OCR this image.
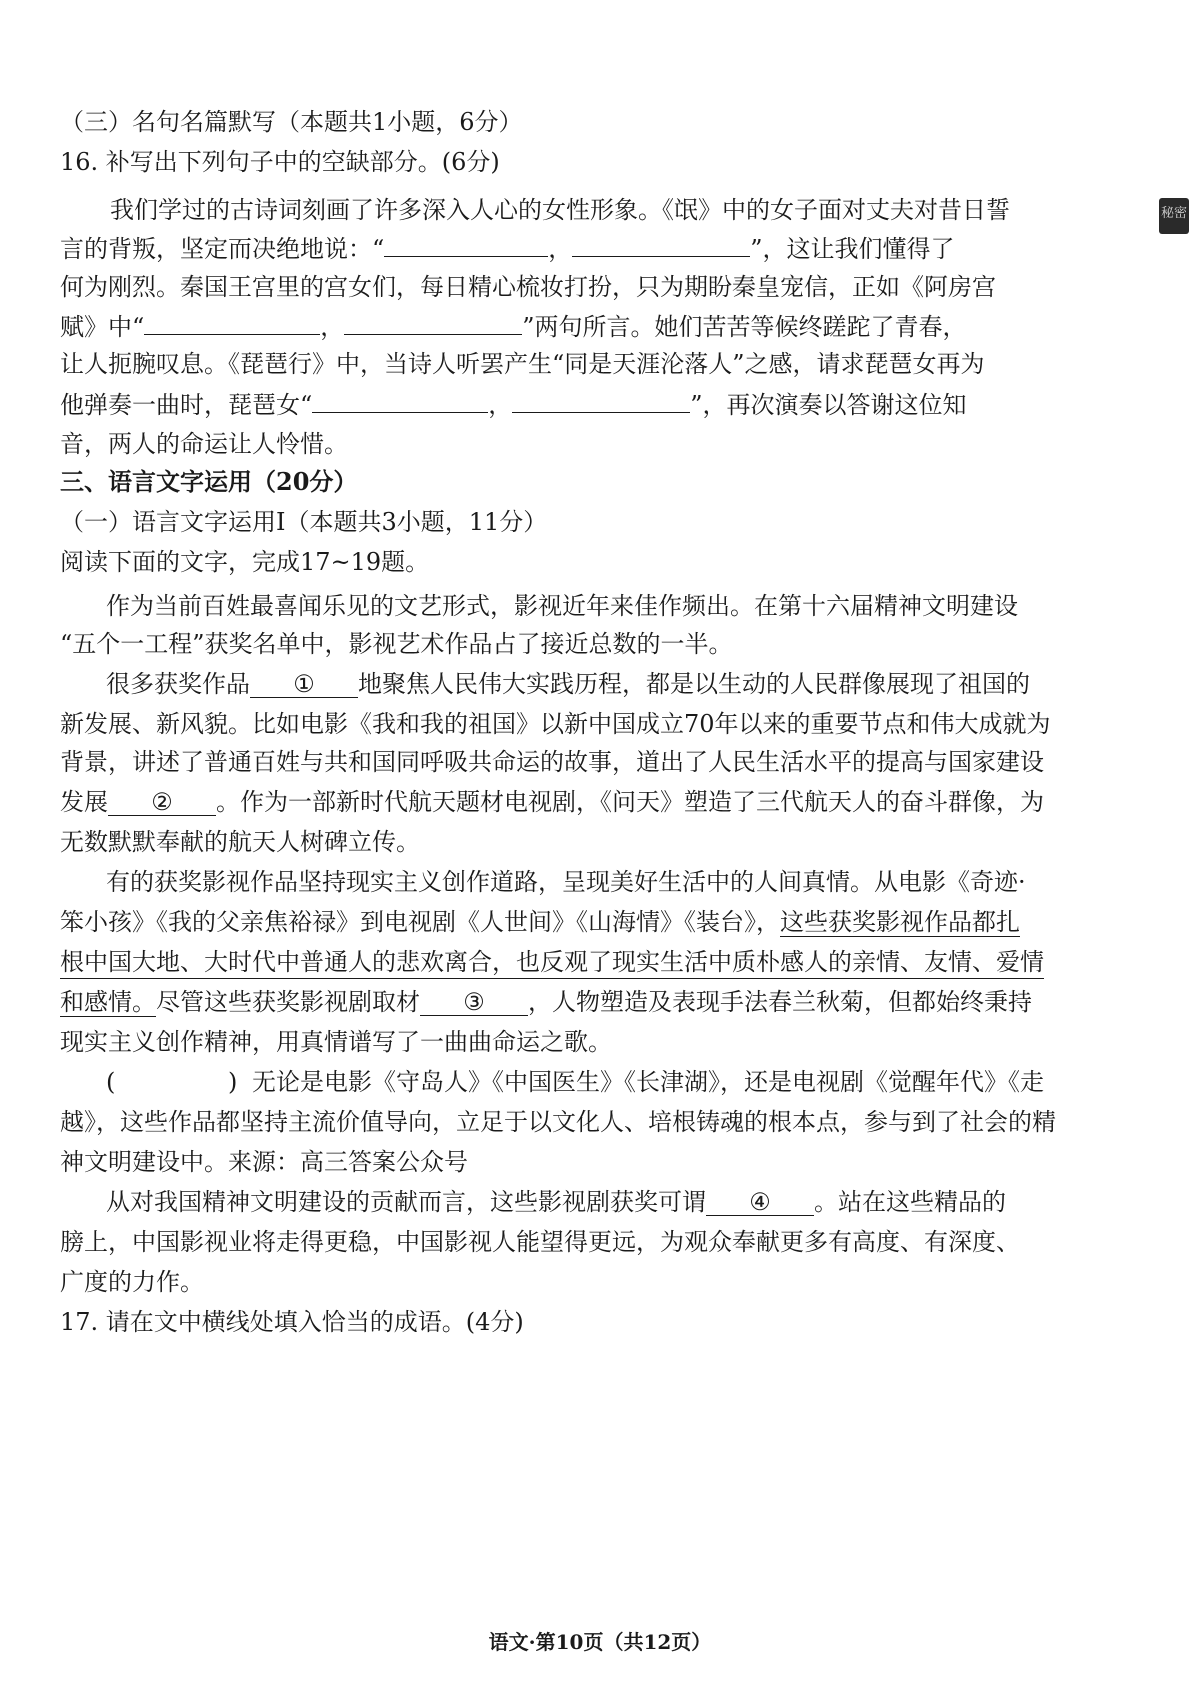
秘密
（三）名句名篇默写（本题共1小题，6分）
16. 补写出下列句子中的空缺部分。(6分)
我们学过的古诗词刻画了许多深入人心的女性形象。《氓》中的女子面对丈夫对昔日誓
言的背叛，坚定而决绝地说：“	，	”，这让我们懂得了
何为刚烈。秦国王宫里的宫女们，每日精心梳妆打扮，只为期盼秦皇宠信，正如《阿房宫
赋》中“	，	”两句所言。她们苦苦等候终蹉跎了青春，
让人扼腕叹息。《琵琶行》中，当诗人听罢产生“同是天涯沦落人”之感，请求琵琶女再为
他弹奏一曲时，琵琶女“	，	”，再次演奏以答谢这位知
音，两人的命运让人怜惜。
三、语言文字运用（20分）
（一）语言文字运用Ⅰ（本题共3小题，11分）
阅读下面的文字，完成17~19题。
作为当前百姓最喜闻乐见的文艺形式，影视近年来佳作频出。在第十六届精神文明建设
“五个一工程”获奖名单中，影视艺术作品占了接近总数的一半。
很多获奖作品 ① 地聚焦人民伟大实践历程，都是以生动的人民群像展现了祖国的
新发展、新风貌。比如电影《我和我的祖国》以新中国成立70年以来的重要节点和伟大成就为
背景，讲述了普通百姓与共和国同呼吸共命运的故事，道出了人民生活水平的提高与国家建设
发展 ② 。作为一部新时代航天题材电视剧，《问天》塑造了三代航天人的奋斗群像，为
无数默默奉献的航天人树碑立传。
有的获奖影视作品坚持现实主义创作道路，呈现美好生活中的人间真情。从电影《奇迹·
笨小孩》《我的父亲焦裕禄》到电视剧《人世间》《山海情》《装台》，这些获奖影视作品都扎
根中国大地、大时代中普通人的悲欢离合，也反观了现实生活中质朴感人的亲情、友情、爱情
和感情。尽管这些获奖影视剧取材 ③ ，人物塑造及表现手法春兰秋菊，但都始终秉持
现实主义创作精神，用真情谱写了一曲曲命运之歌。
(	) 无论是电影《守岛人》《中国医生》《长津湖》，还是电视剧《觉醒年代》《走
越》，这些作品都坚持主流价值导向，立足于以文化人、培根铸魂的根本点，参与到了社会的精
神文明建设中。来源：高三答案公众号
从对我国精神文明建设的贡献而言，这些影视剧获奖可谓 ④ 。站在这些精品的
膀上，中国影视业将走得更稳，中国影视人能望得更远，为观众奉献更多有高度、有深度、
广度的力作。
17. 请在文中横线处填入恰当的成语。(4分)
语文·第10页（共12页）
